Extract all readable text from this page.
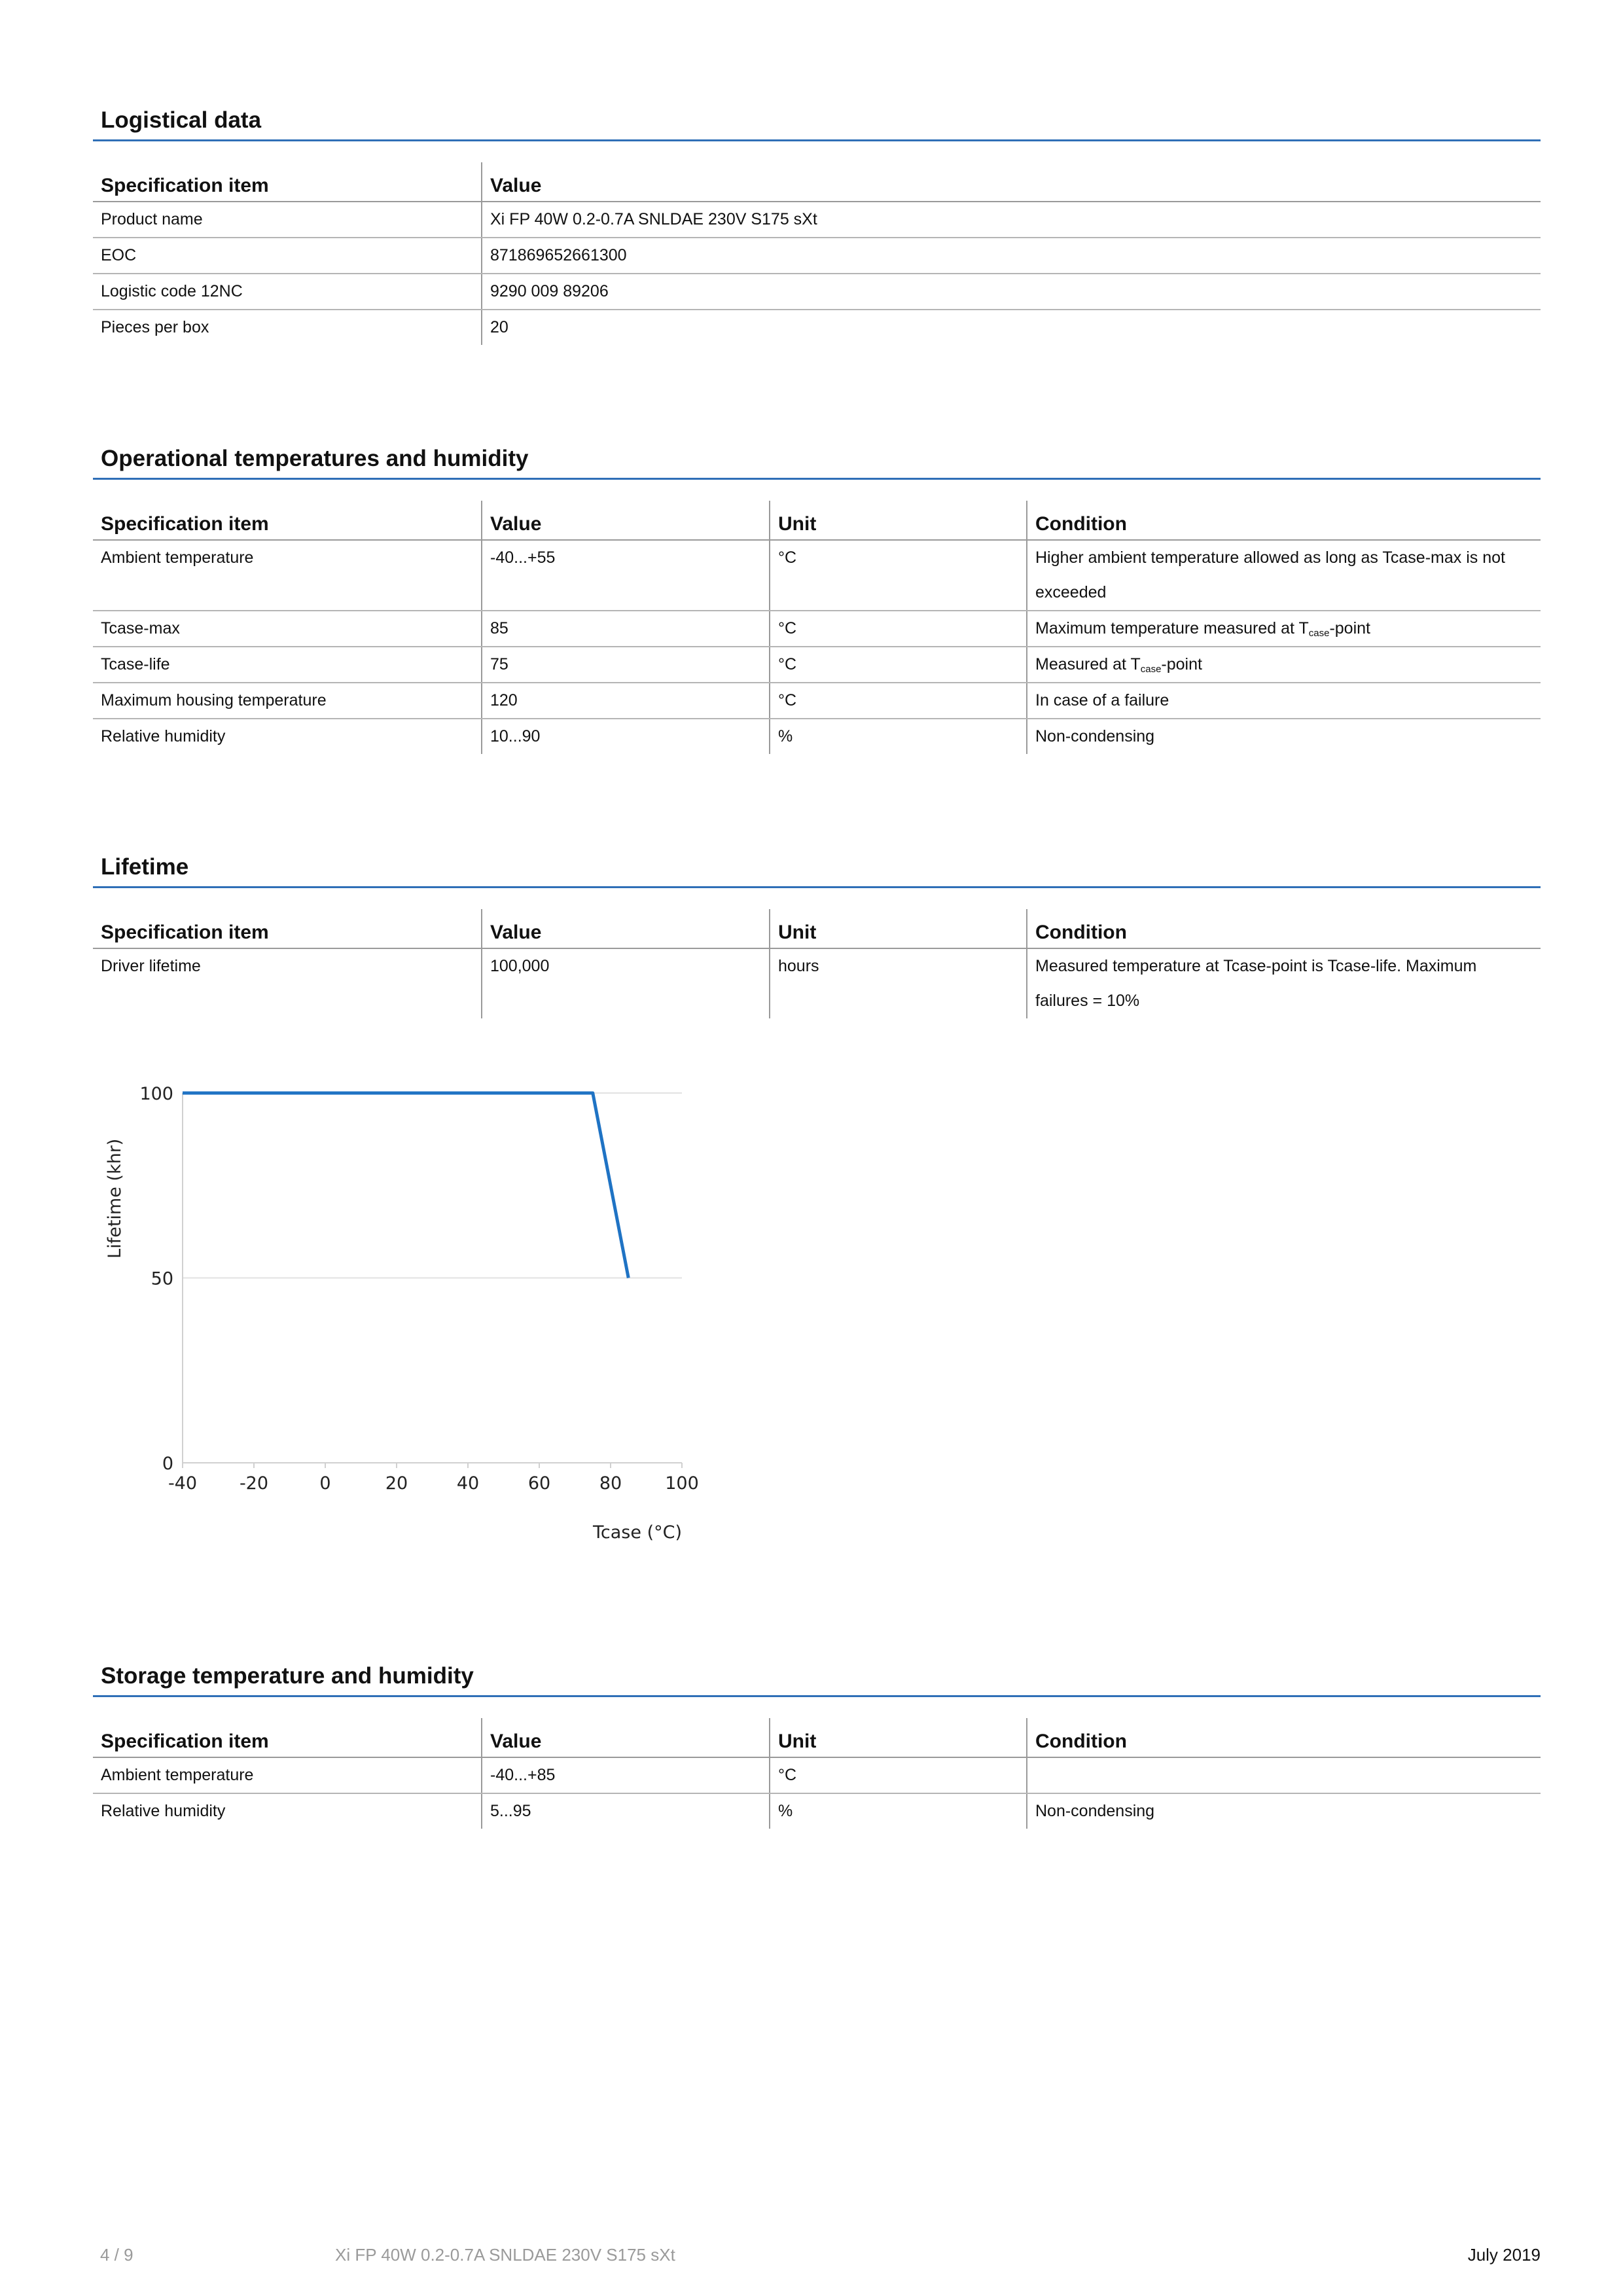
Logistical data
Specification item	Value
Product name	Xi FP 40W 0.2-0.7A SNLDAE 230V S175 sXt
EOC	871869652661300
Logistic code 12NC	9290 009 89206
Pieces per box	20
Operational temperatures and humidity
Specification item	Value	Unit	Condition
Ambient temperature	-40...+55	°C	Higher ambient temperature allowed as long as Tcase-max is not exceeded
Tcase-max	85	°C	Maximum temperature measured at $T_{case}$-point
Tcase-life	75	°C	Measured at $T_{case}$-point
Maximum housing temperature	120	°C	In case of a failure
Relative humidity	10...90	%	Non-condensing
Lifetime
Specification item	Value	Unit	Condition
Driver lifetime	100,000	hours	Measured temperature at Tcase-point is Tcase-life. Maximum failures = 10%
-40 -20	0	20	40	60	80 100
0
50
100
Lifetime (khr)
Tcase (°C)
Storage temperature and humidity
Specification item	Value	Unit	Condition
Ambient temperature	-40...+85	°C	
Relative humidity	5...95	%	Non-condensing
4 / 9	Xi FP 40W 0.2-0.7A SNLDAE 230V S175 sXt	July 2019
